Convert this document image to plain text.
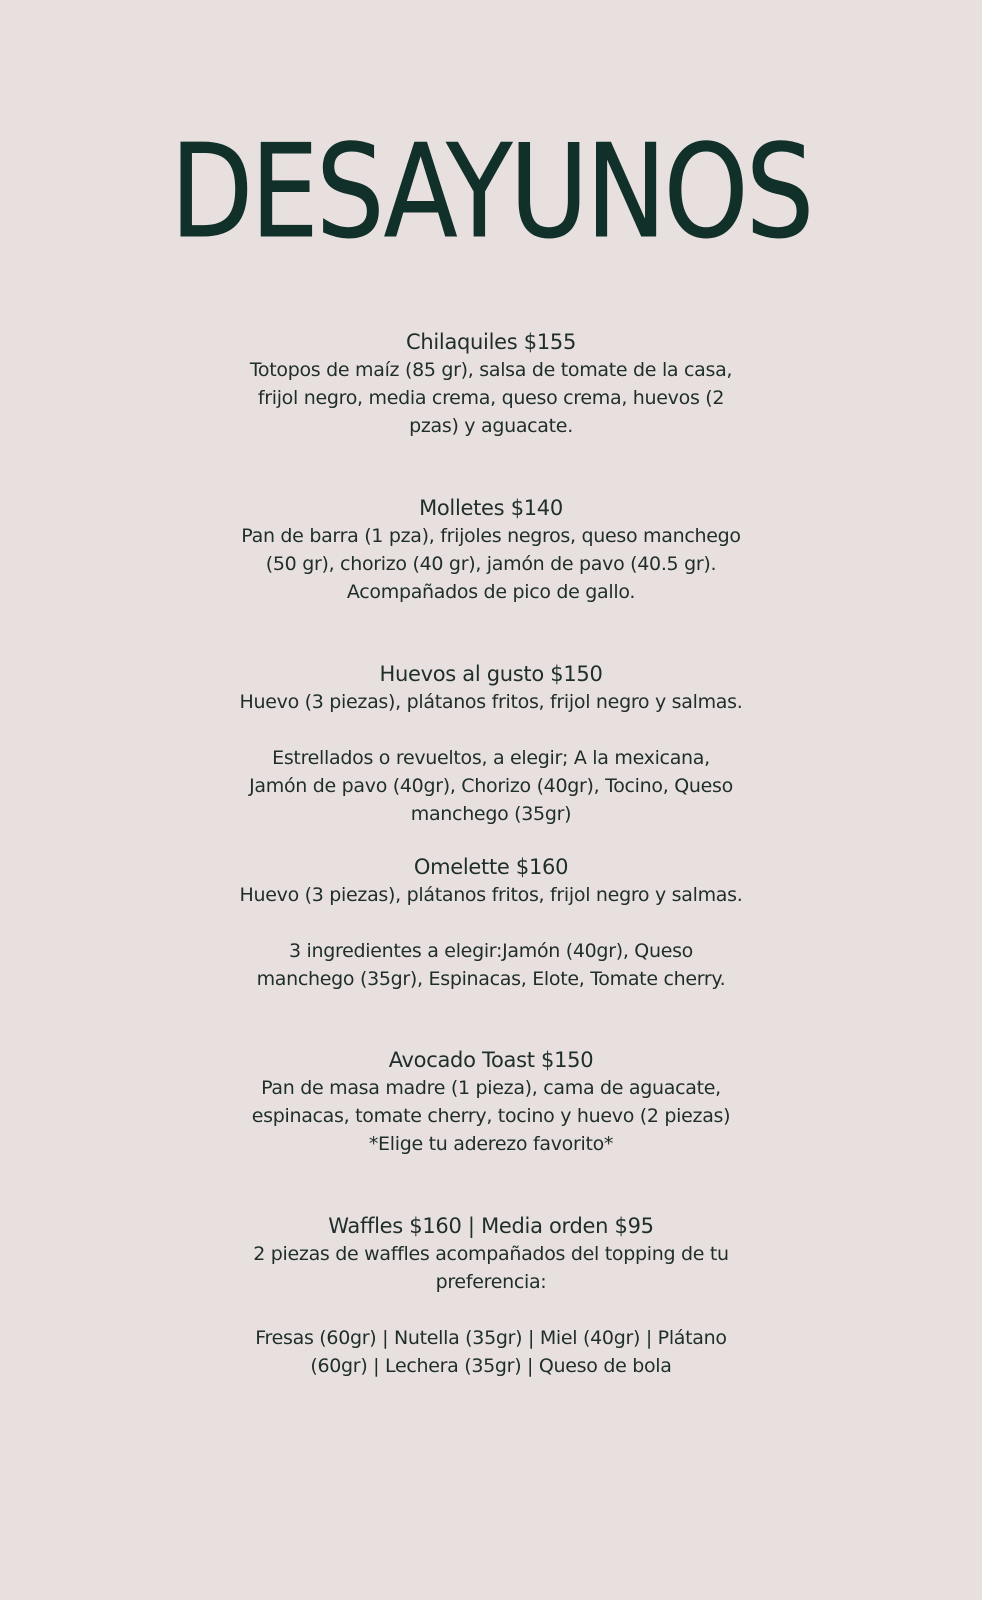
DESAYUNOS
Chilaquiles $155
Totopos de maíz (85 gr), salsa de tomate de la casa,
frijol negro, media crema, queso crema, huevos (2
pzas) y aguacate.
Molletes $140
Pan de barra (1 pza), frijoles negros, queso manchego
(50 gr), chorizo (40 gr), jamón de pavo (40.5 gr).
Acompañados de pico de gallo.
Huevos al gusto $150
Huevo (3 piezas), plátanos fritos, frijol negro y salmas.
Estrellados o revueltos, a elegir; A la mexicana,
Jamón de pavo (40gr), Chorizo (40gr), Tocino, Queso
manchego (35gr)
Omelette $160
Huevo (3 piezas), plátanos fritos, frijol negro y salmas.
3 ingredientes a elegir:Jamón (40gr), Queso
manchego (35gr), Espinacas, Elote, Tomate cherry.
Avocado Toast $150
Pan de masa madre (1 pieza), cama de aguacate,
espinacas, tomate cherry, tocino y huevo (2 piezas)
*Elige tu aderezo favorito*
Waffles $160 | Media orden $95
2 piezas de waffles acompañados del topping de tu
preferencia:
Fresas (60gr) | Nutella (35gr) | Miel (40gr) | Plátano
(60gr) | Lechera (35gr) | Queso de bola
